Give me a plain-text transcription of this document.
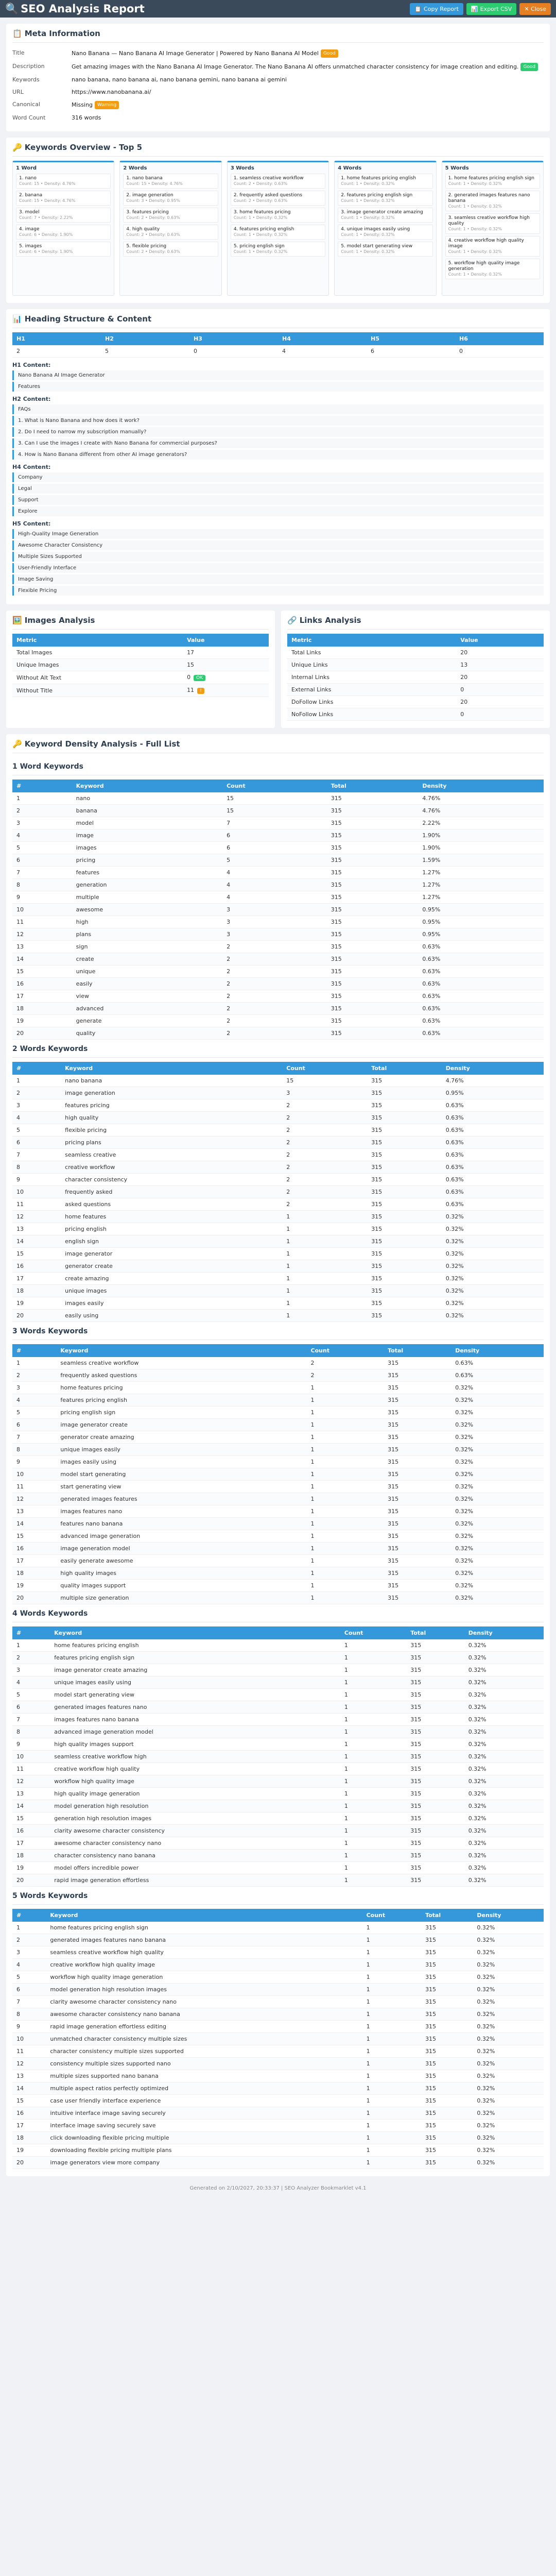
🔍 SEO Analysis Report	📋 Copy Report 📊 Export CSV ✕ Close
📋 Meta Information
Title	Nano Banana — Nano Banana AI Image Generator | Powered by Nano Banana AI Model Good
Description	Get amazing images with the Nano Banana AI Image Generator. The Nano Banana AI offers unmatched character consistency for image creation and editing. Good
Keywords	nano banana, nano banana ai, nano banana gemini, nano banana ai gemini
URL	https://www.nanobanana.ai/
Canonical	Missing Warning
Word Count	316 words
🔑 Keywords Overview - Top 5
1 Word
1. nano
Count: 15 • Density: 4.76%
2. banana
Count: 15 • Density: 4.76%
3. model
Count: 7 • Density: 2.22%
4. image
Count: 6 • Density: 1.90%
5. images
Count: 6 • Density: 1.90%
2 Words
1. nano banana
Count: 15 • Density: 4.76%
2. image generation
Count: 3 • Density: 0.95%
3. features pricing
Count: 2 • Density: 0.63%
4. high quality
Count: 2 • Density: 0.63%
5. flexible pricing
Count: 2 • Density: 0.63%
3 Words
1. seamless creative workflow
Count: 2 • Density: 0.63%
2. frequently asked questions
Count: 2 • Density: 0.63%
3. home features pricing
Count: 1 • Density: 0.32%
4. features pricing english
Count: 1 • Density: 0.32%
5. pricing english sign
Count: 1 • Density: 0.32%
4 Words
1. home features pricing english
Count: 1 • Density: 0.32%
2. features pricing english sign
Count: 1 • Density: 0.32%
3. image generator create amazing
Count: 1 • Density: 0.32%
4. unique images easily using
Count: 1 • Density: 0.32%
5. model start generating view
Count: 1 • Density: 0.32%
5 Words
1. home features pricing english sign
Count: 1 • Density: 0.32%
2. generated images features nano banana
Count: 1 • Density: 0.32%
3. seamless creative workflow high quality
Count: 1 • Density: 0.32%
4. creative workflow high quality image
Count: 1 • Density: 0.32%
5. workflow high quality image generation
Count: 1 • Density: 0.32%
📊 Heading Structure & Content
H1	H2	H3	H4	H5	H6
2	5	0	4	6	0
H1 Content:
Nano Banana AI Image Generator
Features
H2 Content:
FAQs
1. What is Nano Banana and how does it work?
2. Do I need to narrow my subscription manually?
3. Can I use the images I create with Nano Banana for commercial purposes?
4. How is Nano Banana different from other AI image generators?
H4 Content:
Company
Legal
Support
Explore
H5 Content:
High-Quality Image Generation
Awesome Character Consistency
Multiple Sizes Supported
User-Friendly Interface
Image Saving
Flexible Pricing
🖼️ Images Analysis
Metric	Value
Total Images	17
Unique Images	15
Without Alt Text	0 OK
Without Title	11 !
🔗 Links Analysis
Metric	Value
Total Links	20
Unique Links	13
Internal Links	20
External Links	0
DoFollow Links	20
NoFollow Links	0
🔑 Keyword Density Analysis - Full List
1 Word Keywords
#	Keyword	Count	Total	Density
1	nano	15	315	4.76%
2	banana	15	315	4.76%
3	model	7	315	2.22%
4	image	6	315	1.90%
5	images	6	315	1.90%
6	pricing	5	315	1.59%
7	features	4	315	1.27%
8	generation	4	315	1.27%
9	multiple	4	315	1.27%
10	awesome	3	315	0.95%
11	high	3	315	0.95%
12	plans	3	315	0.95%
13	sign	2	315	0.63%
14	create	2	315	0.63%
15	unique	2	315	0.63%
16	easily	2	315	0.63%
17	view	2	315	0.63%
18	advanced	2	315	0.63%
19	generate	2	315	0.63%
20	quality	2	315	0.63%
2 Words Keywords
#	Keyword	Count	Total	Density
1	nano banana	15	315	4.76%
2	image generation	3	315	0.95%
3	features pricing	2	315	0.63%
4	high quality	2	315	0.63%
5	flexible pricing	2	315	0.63%
6	pricing plans	2	315	0.63%
7	seamless creative	2	315	0.63%
8	creative workflow	2	315	0.63%
9	character consistency	2	315	0.63%
10	frequently asked	2	315	0.63%
11	asked questions	2	315	0.63%
12	home features	1	315	0.32%
13	pricing english	1	315	0.32%
14	english sign	1	315	0.32%
15	image generator	1	315	0.32%
16	generator create	1	315	0.32%
17	create amazing	1	315	0.32%
18	unique images	1	315	0.32%
19	images easily	1	315	0.32%
20	easily using	1	315	0.32%
3 Words Keywords
#	Keyword	Count	Total	Density
1	seamless creative workflow	2	315	0.63%
2	frequently asked questions	2	315	0.63%
3	home features pricing	1	315	0.32%
4	features pricing english	1	315	0.32%
5	pricing english sign	1	315	0.32%
6	image generator create	1	315	0.32%
7	generator create amazing	1	315	0.32%
8	unique images easily	1	315	0.32%
9	images easily using	1	315	0.32%
10	model start generating	1	315	0.32%
11	start generating view	1	315	0.32%
12	generated images features	1	315	0.32%
13	images features nano	1	315	0.32%
14	features nano banana	1	315	0.32%
15	advanced image generation	1	315	0.32%
16	image generation model	1	315	0.32%
17	easily generate awesome	1	315	0.32%
18	high quality images	1	315	0.32%
19	quality images support	1	315	0.32%
20	multiple size generation	1	315	0.32%
4 Words Keywords
#	Keyword	Count	Total	Density
1	home features pricing english	1	315	0.32%
2	features pricing english sign	1	315	0.32%
3	image generator create amazing	1	315	0.32%
4	unique images easily using	1	315	0.32%
5	model start generating view	1	315	0.32%
6	generated images features nano	1	315	0.32%
7	images features nano banana	1	315	0.32%
8	advanced image generation model	1	315	0.32%
9	high quality images support	1	315	0.32%
10	seamless creative workflow high	1	315	0.32%
11	creative workflow high quality	1	315	0.32%
12	workflow high quality image	1	315	0.32%
13	high quality image generation	1	315	0.32%
14	model generation high resolution	1	315	0.32%
15	generation high resolution images	1	315	0.32%
16	clarity awesome character consistency	1	315	0.32%
17	awesome character consistency nano	1	315	0.32%
18	character consistency nano banana	1	315	0.32%
19	model offers incredible power	1	315	0.32%
20	rapid image generation effortless	1	315	0.32%
5 Words Keywords
#	Keyword	Count	Total	Density
1	home features pricing english sign	1	315	0.32%
2	generated images features nano banana	1	315	0.32%
3	seamless creative workflow high quality	1	315	0.32%
4	creative workflow high quality image	1	315	0.32%
5	workflow high quality image generation	1	315	0.32%
6	model generation high resolution images	1	315	0.32%
7	clarity awesome character consistency nano	1	315	0.32%
8	awesome character consistency nano banana	1	315	0.32%
9	rapid image generation effortless editing	1	315	0.32%
10	unmatched character consistency multiple sizes	1	315	0.32%
11	character consistency multiple sizes supported	1	315	0.32%
12	consistency multiple sizes supported nano	1	315	0.32%
13	multiple sizes supported nano banana	1	315	0.32%
14	multiple aspect ratios perfectly optimized	1	315	0.32%
15	case user friendly interface experience	1	315	0.32%
16	intuitive interface image saving securely	1	315	0.32%
17	interface image saving securely save	1	315	0.32%
18	click downloading flexible pricing multiple	1	315	0.32%
19	downloading flexible pricing multiple plans	1	315	0.32%
20	image generators view more company	1	315	0.32%
Generated on 2/10/2027, 20:33:37 | SEO Analyzer Bookmarklet v4.1
